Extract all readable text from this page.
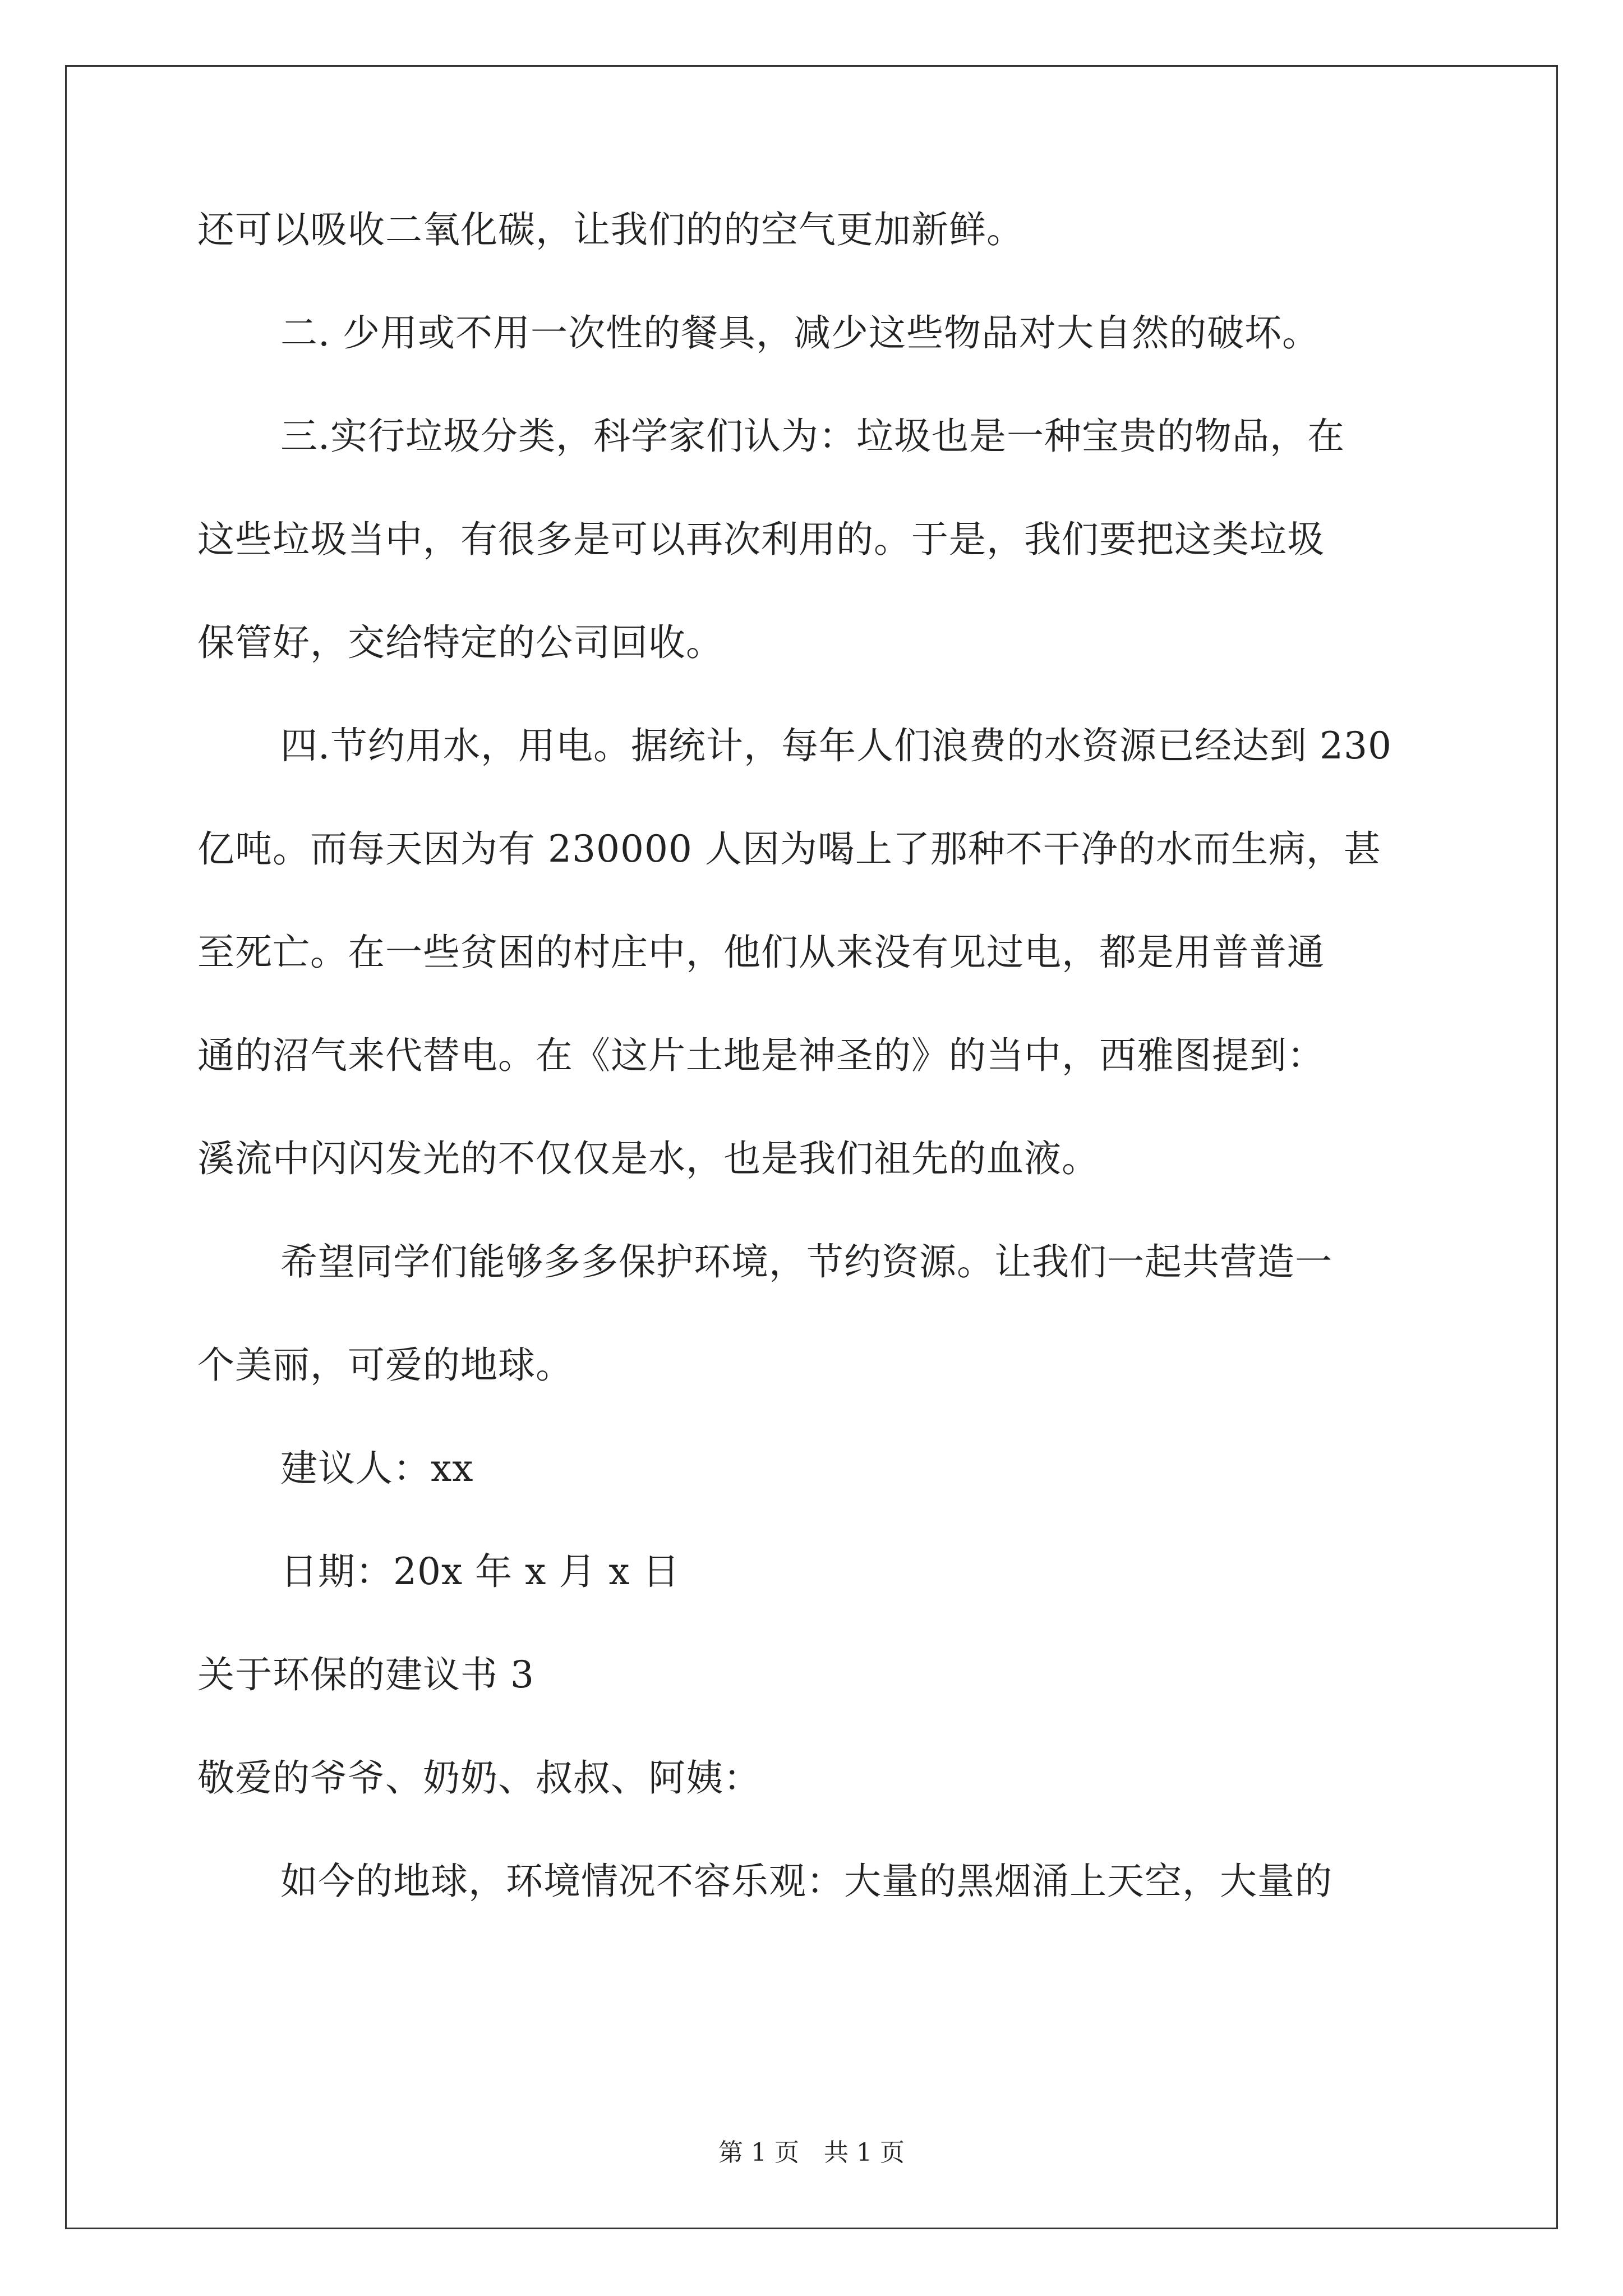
还可以吸收二氧化碳，让我们的的空气更加新鲜。
二. 少用或不用一次性的餐具，减少这些物品对大自然的破坏。
三.实行垃圾分类，科学家们认为：垃圾也是一种宝贵的物品，在
这些垃圾当中，有很多是可以再次利用的。于是，我们要把这类垃圾
保管好，交给特定的公司回收。
四.节约用水，用电。据统计，每年人们浪费的水资源已经达到 230
亿吨。而每天因为有 230000 人因为喝上了那种不干净的水而生病，甚
至死亡。在一些贫困的村庄中，他们从来没有见过电，都是用普普通
通的沼气来代替电。在《这片土地是神圣的》的当中，西雅图提到：
溪流中闪闪发光的不仅仅是水，也是我们祖先的血液。
希望同学们能够多多保护环境，节约资源。让我们一起共营造一
个美丽，可爱的地球。
建议人：xx
日期：20x 年 x 月 x 日
关于环保的建议书 3
敬爱的爷爷、奶奶、叔叔、阿姨：
如今的地球，环境情况不容乐观：大量的黑烟涌上天空，大量的
第 1 页　共 1 页
